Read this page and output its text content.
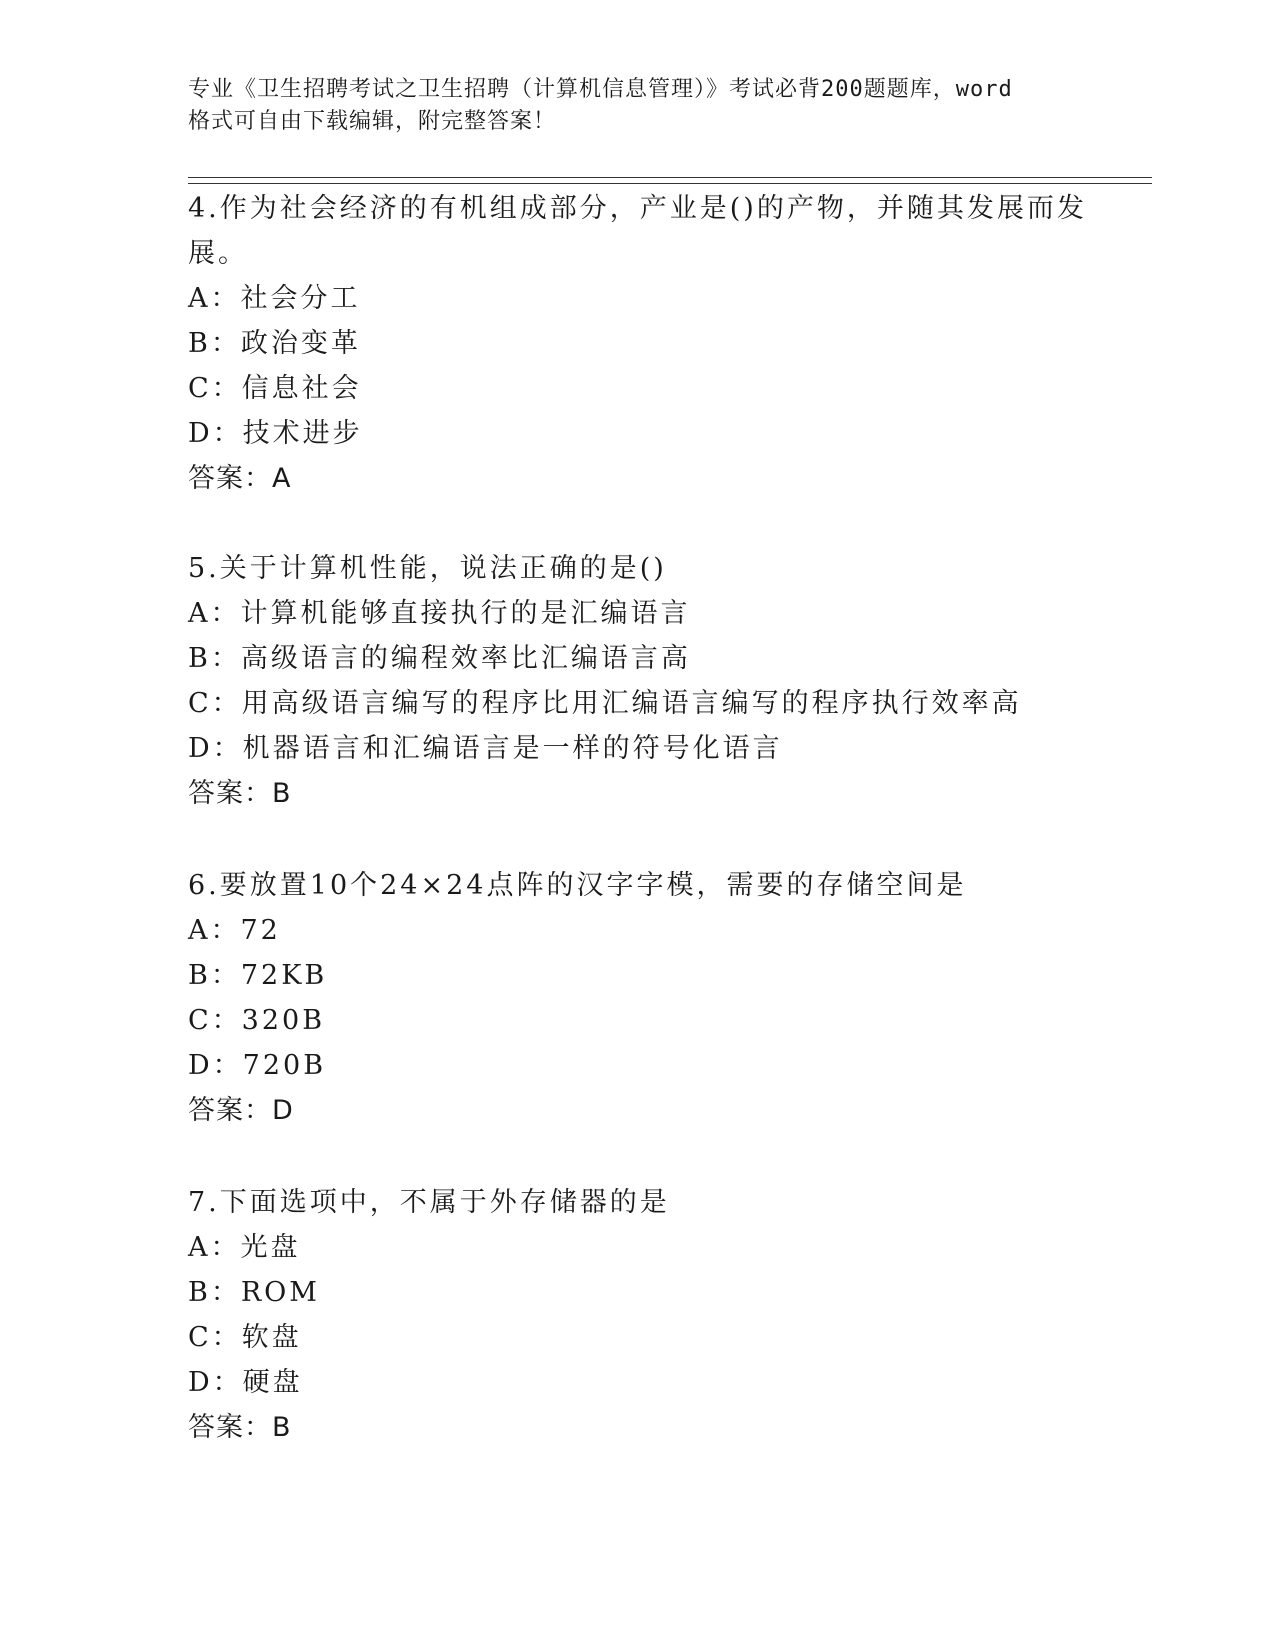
专业《卫生招聘考试之卫生招聘（计算机信息管理）》考试必背200题题库，word
格式可自由下载编辑，附完整答案！
4.作为社会经济的有机组成部分，产业是()的产物，并随其发展而发
展。
A：社会分工
B：政治变革
C：信息社会
D：技术进步
答案：A
5.关于计算机性能，说法正确的是()
A：计算机能够直接执行的是汇编语言
B：高级语言的编程效率比汇编语言高
C：用高级语言编写的程序比用汇编语言编写的程序执行效率高
D：机器语言和汇编语言是一样的符号化语言
答案：B
6.要放置10个24×24点阵的汉字字模，需要的存储空间是
A：72
B：72KB
C：320B
D：720B
答案：D
7.下面选项中，不属于外存储器的是
A：光盘
B：ROM
C：软盘
D：硬盘
答案：B
